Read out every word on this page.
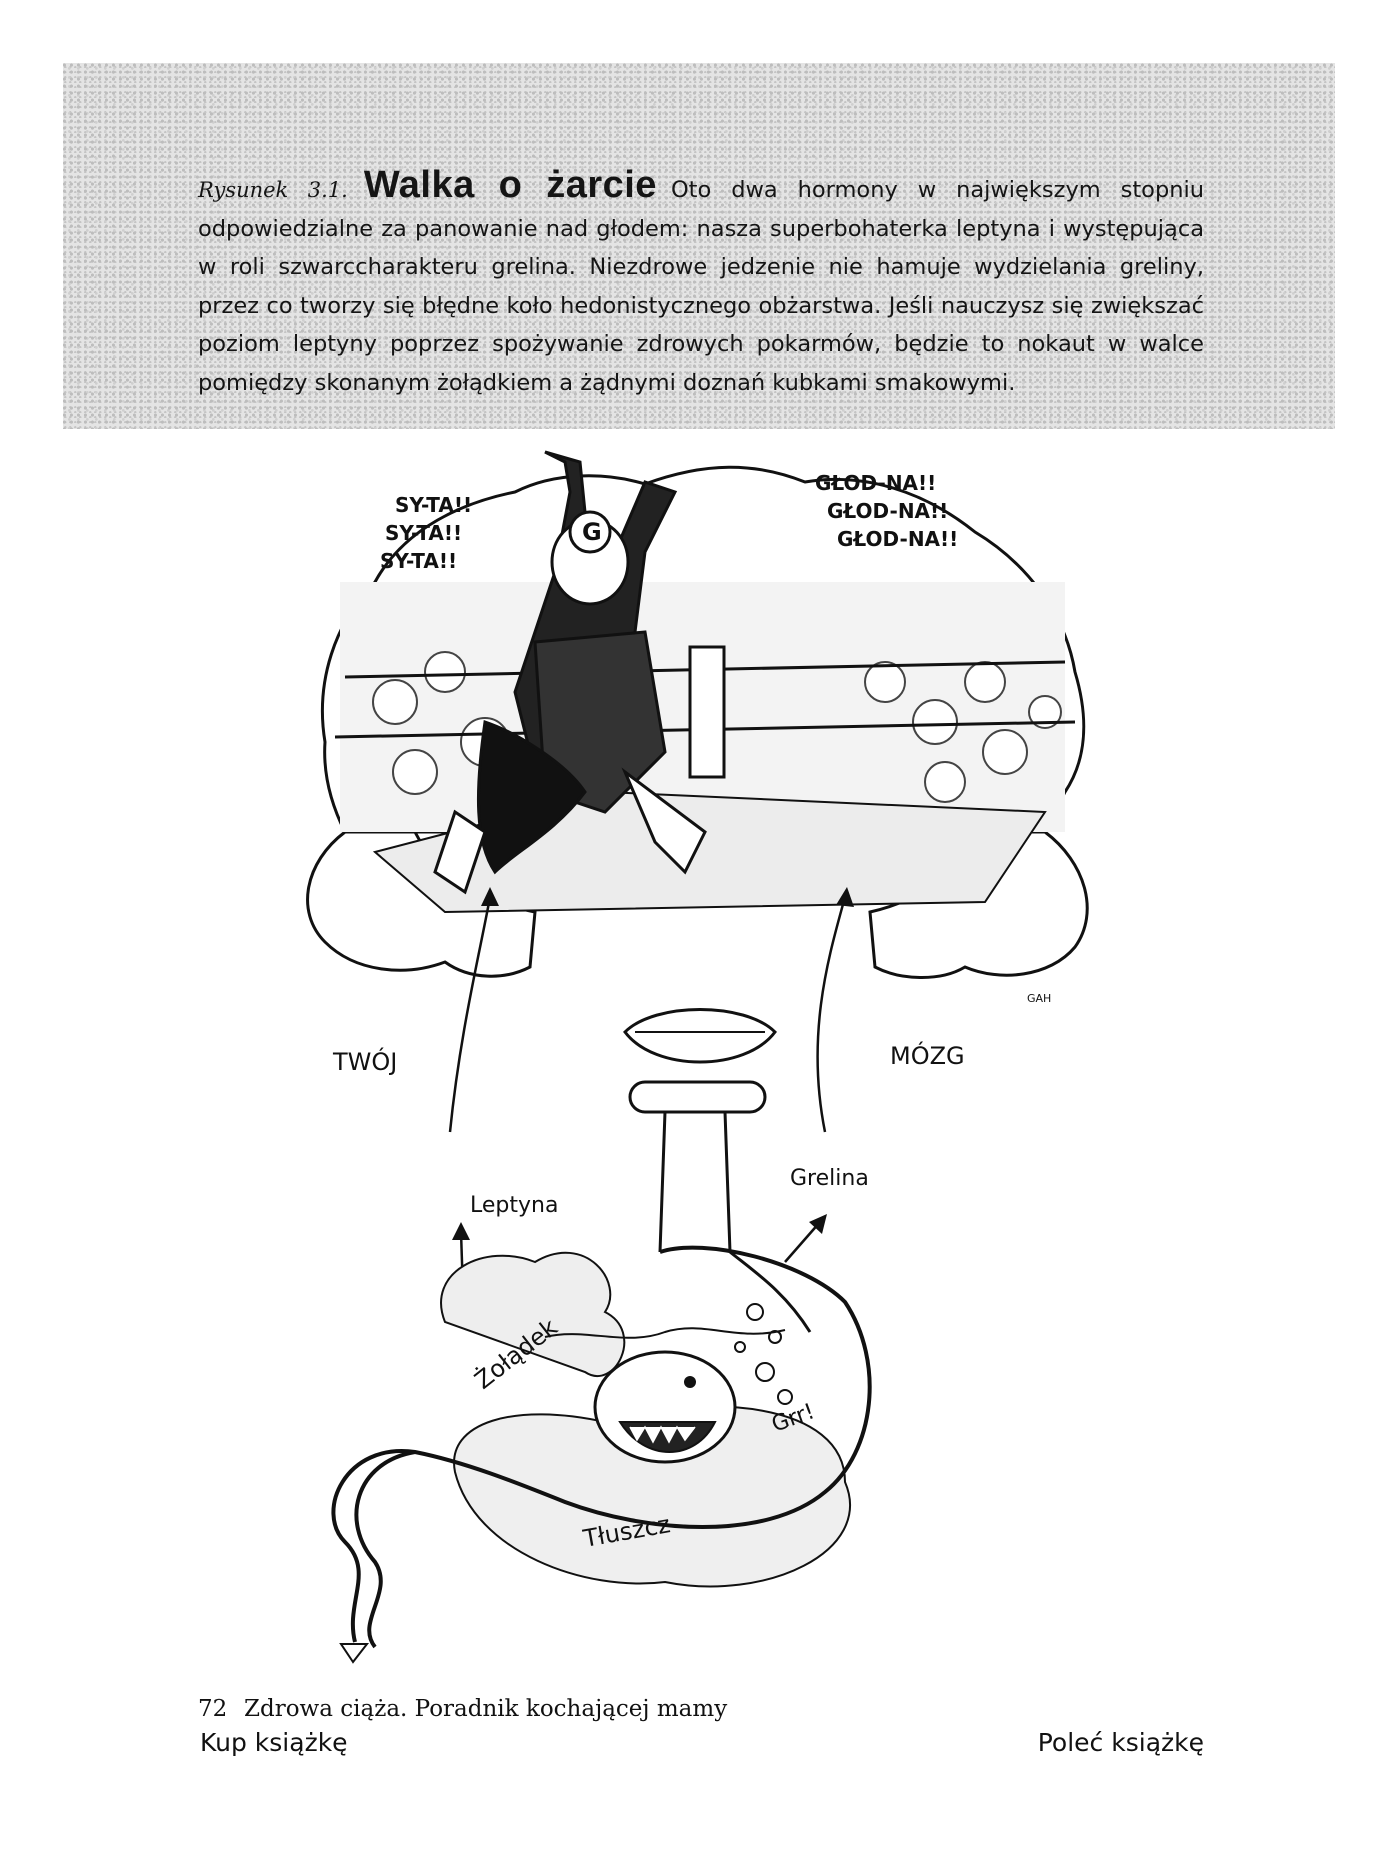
Rysunek 3.1. Walka o żarcie Oto dwa hormony w największym stopniu odpowiedzialne za panowanie nad głodem: nasza superbohaterka leptyna i występująca w roli szwarccharakteru grelina. Niezdrowe jedzenie nie hamuje wydzielania greliny, przez co tworzy się błędne koło hedonistycznego obżarstwa. Jeśli nauczysz się zwiększać poziom leptyny poprzez spożywanie zdrowych pokarmów, będzie to nokaut w walce pomiędzy skonanym żołądkiem a żądnymi doznań kubkami smakowymi.
G
SY-TA!!
SY-TA!!
SY-TA!!
GŁOD-NA!!
GŁOD-NA!!
GŁOD-NA!!
TWÓJ	MÓZG
GAH
Leptyna
Grelina
Żołądek
Grr!
Tłuszcz
72 Zdrowa ciąża. Poradnik kochającej mamy
Kup książkę	Poleć książkę
